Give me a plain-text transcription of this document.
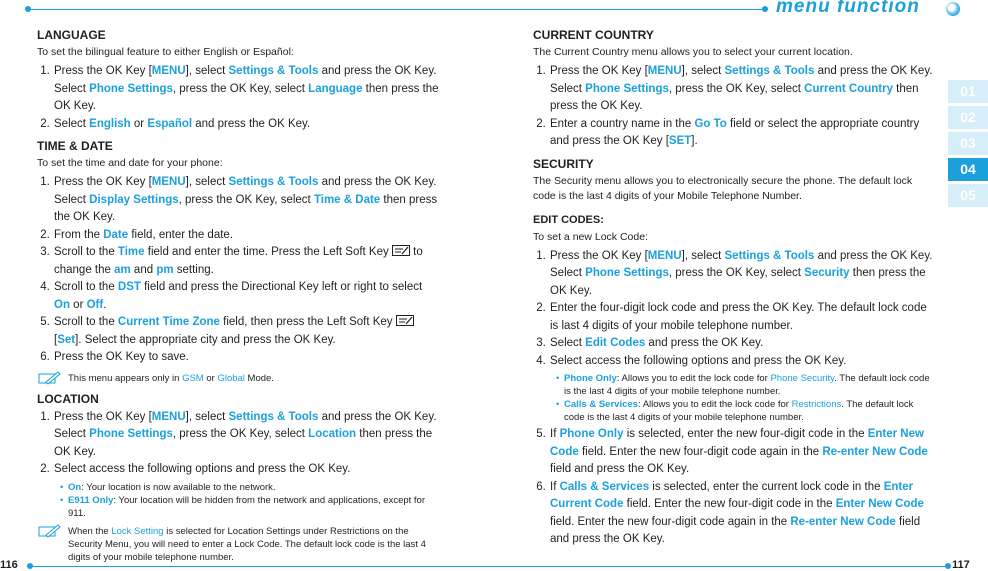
menu function
01
02
03
04
05
LANGUAGE
To set the bilingual feature to either English or Español:
1. Press the OK Key [MENU], select Settings & Tools and press the OK Key. Select Phone Settings, press the OK Key, select Language then press the OK Key.
2. Select English or Español and press the OK Key.
TIME & DATE
To set the time and date for your phone:
1. Press the OK Key [MENU], select Settings & Tools and press the OK Key. Select Display Settings, press the OK Key, select Time & Date then press the OK Key.
2. From the Date field, enter the date.
3. Scroll to the Time field and enter the time. Press the Left Soft Key  to change the am and pm setting.
4. Scroll to the DST field and press the Directional Key left or right to select On or Off.
5. Scroll to the Current Time Zone field, then press the Left Soft Key  [Set]. Select the appropriate city and press the OK Key.
6. Press the OK Key to save.
This menu appears only in GSM or Global Mode.
LOCATION
1. Press the OK Key [MENU], select Settings & Tools and press the OK Key. Select Phone Settings, press the OK Key, select Location then press the OK Key.
2. Select access the following options and press the OK Key.
• On: Your location is now available to the network.
• E911 Only: Your location will be hidden from the network and applications, except for 911.
When the Lock Setting is selected for Location Settings under Restrictions on the Security Menu, you will need to enter a Lock Code. The default lock code is the last 4 digits of your mobile telephone number.
CURRENT COUNTRY
The Current Country menu allows you to select your current location.
1. Press the OK Key [MENU], select Settings & Tools and press the OK Key. Select Phone Settings, press the OK Key, select Current Country then press the OK Key.
2. Enter a country name in the Go To field or select the appropriate country and press the OK Key [SET].
SECURITY
The Security menu allows you to electronically secure the phone. The default lock code is the last 4 digits of your Mobile Telephone Number.
EDIT CODES:
To set a new Lock Code:
1. Press the OK Key [MENU], select Settings & Tools and press the OK Key. Select Phone Settings, press the OK Key, select Security then press the OK Key.
2. Enter the four-digit lock code and press the OK Key. The default lock code is last 4 digits of your mobile telephone number.
3. Select Edit Codes and press the OK Key.
4. Select access the following options and press the OK Key.
• Phone Only: Allows you to edit the lock code for Phone Security. The default lock code is the last 4 digits of your mobile telephone number.
• Calls & Services: Allows you to edit the lock code for Restrictions. The default lock code is the last 4 digits of your mobile telephone number.
5. If Phone Only is selected, enter the new four-digit code in the Enter New Code field. Enter the new four-digit code again in the Re-enter New Code field and press the OK Key.
6. If Calls & Services is selected, enter the current lock code in the Enter Current Code field. Enter the new four-digit code in the Enter New Code field. Enter the new four-digit code again in the Re-enter New Code field and press the OK Key.
116	117
